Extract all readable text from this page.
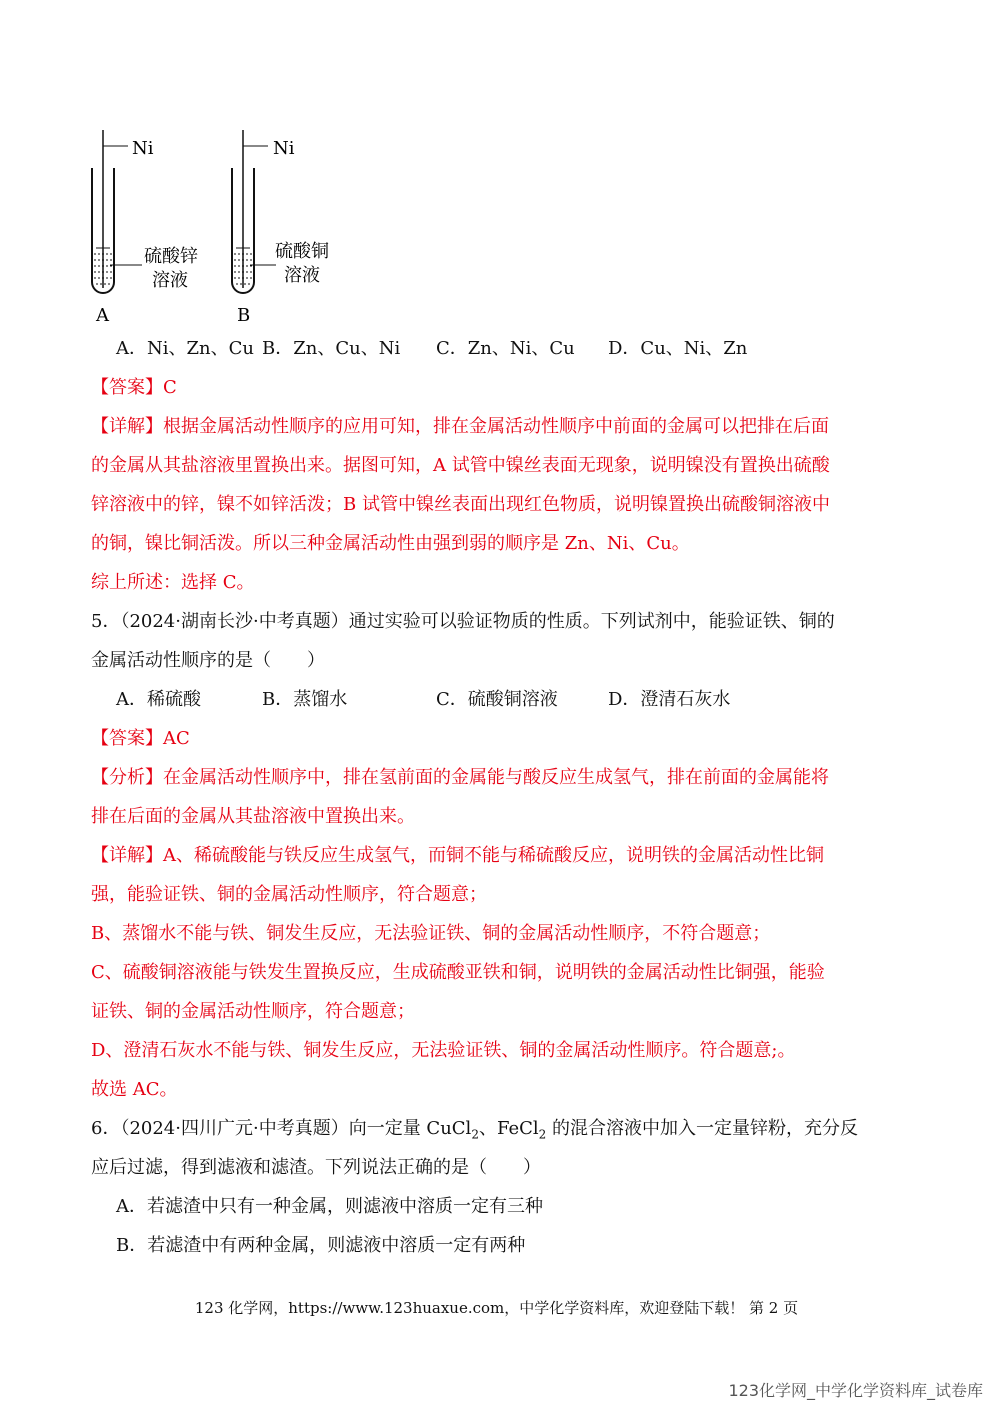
Ni
硫酸锌
溶液
A
Ni
硫酸铜
溶液
B
A．Ni、Zn、Cu B．Zn、Cu、Ni C．Zn、Ni、Cu D．Cu、Ni、Zn
【答案】C
【详解】根据金属活动性顺序的应用可知，排在金属活动性顺序中前面的金属可以把排在后面
的金属从其盐溶液里置换出来。据图可知，A 试管中镍丝表面无现象，说明镍没有置换出硫酸
锌溶液中的锌，镍不如锌活泼；B 试管中镍丝表面出现红色物质，说明镍置换出硫酸铜溶液中
的铜，镍比铜活泼。所以三种金属活动性由强到弱的顺序是 Zn、Ni、Cu。
综上所述：选择 C。
5．（2024·湖南长沙·中考真题）通过实验可以验证物质的性质。下列试剂中，能验证铁、铜的
金属活动性顺序的是（　　）
A．稀硫酸	B．蒸馏水	C．硫酸铜溶液	D．澄清石灰水
【答案】AC
【分析】在金属活动性顺序中，排在氢前面的金属能与酸反应生成氢气，排在前面的金属能将
排在后面的金属从其盐溶液中置换出来。
【详解】A、稀硫酸能与铁反应生成氢气，而铜不能与稀硫酸反应，说明铁的金属活动性比铜
强，能验证铁、铜的金属活动性顺序，符合题意；
B、蒸馏水不能与铁、铜发生反应，无法验证铁、铜的金属活动性顺序，不符合题意；
C、硫酸铜溶液能与铁发生置换反应，生成硫酸亚铁和铜，说明铁的金属活动性比铜强，能验
证铁、铜的金属活动性顺序，符合题意；
D、澄清石灰水不能与铁、铜发生反应，无法验证铁、铜的金属活动性顺序。符合题意;。
故选 AC。
6．（2024·四川广元·中考真题）向一定量 CuCl$_2$、FeCl$_2$ 的混合溶液中加入一定量锌粉，充分反
应后过滤，得到滤液和滤渣。下列说法正确的是（　　）
A．若滤渣中只有一种金属，则滤液中溶质一定有三种
B．若滤渣中有两种金属，则滤液中溶质一定有两种
123 化学网，https://www.123huaxue.com，中学化学资料库，欢迎登陆下载！ 第 2 页
123化学网_中学化学资料库_试卷库
